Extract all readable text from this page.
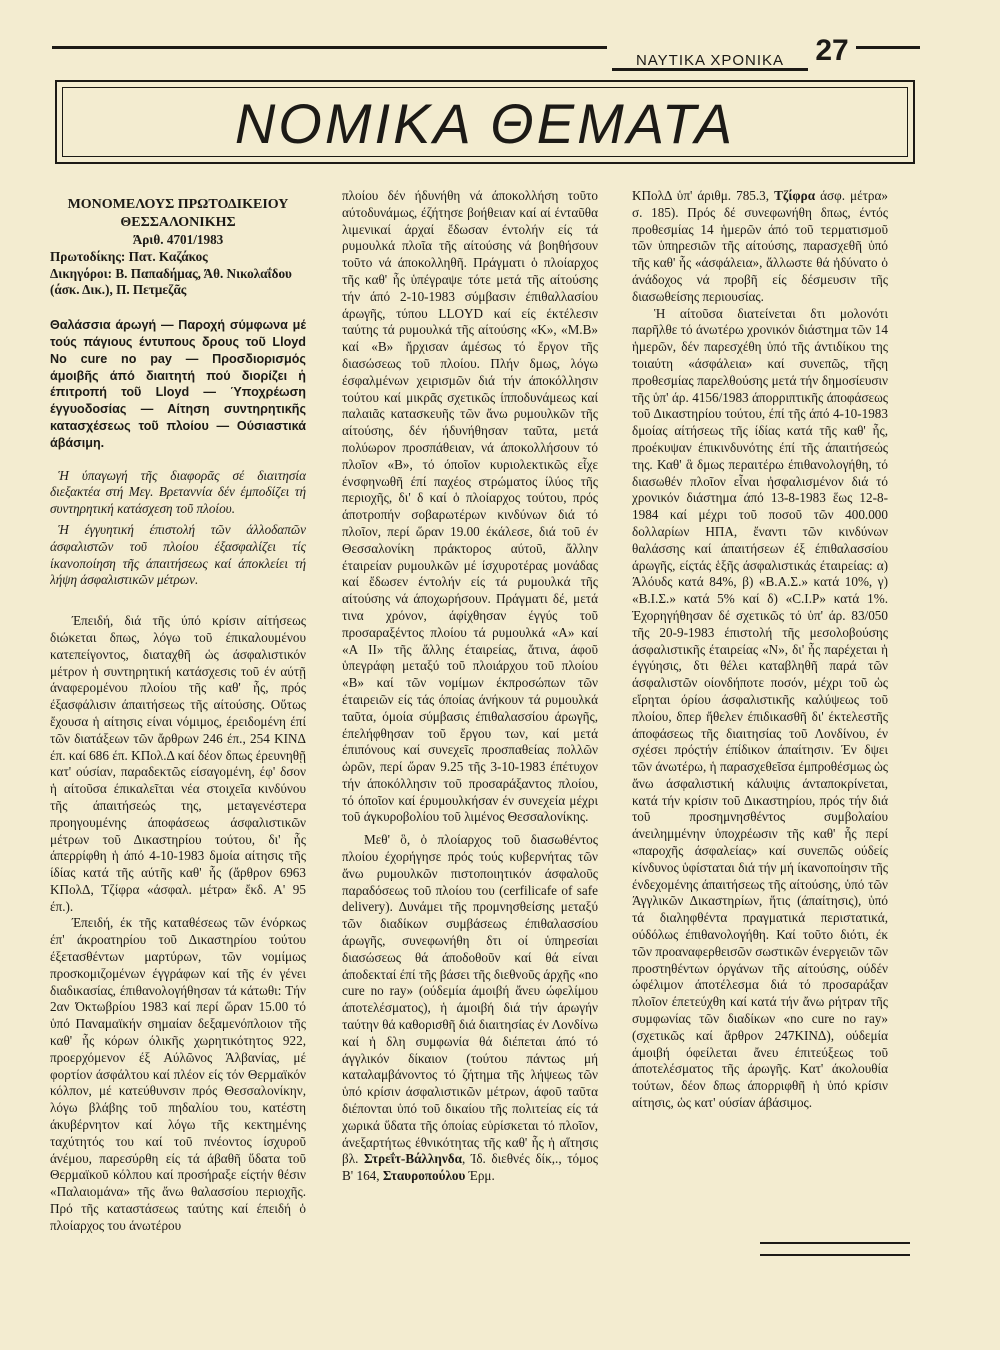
ΝΑΥΤΙΚΑ ΧΡΟΝΙΚΑ	27
ΝΟΜΙΚΑ ΘΕΜΑΤΑ

ΜΟΝΟΜΕΛΟΥΣ ΠΡΩΤΟΔΙΚΕΙΟΥ

ΘΕΣΣΑΛΟΝΙΚΗΣ

Άριθ. 4701/1983

Πρωτοδίκης: Πατ. Καζάκος

Δικηγόροι: Β. Παπαδήμας, Άθ. Νικολαΐδου (άσκ. Δικ.), Π. Πετμεζᾶς

Θαλάσσια άρωγή — Παροχή σύμφωνα μέ τούς πάγιους έντυπους δρους τοῦ Lloyd No cure no pay — Προσδιορισμός άμοιβῆς άπό διαιτητή πού διορίζει ἡ έπιτροπή τοῦ Lloyd — Ύποχρέωση έγγυοδοσίας — Αίτηση συντηρητικῆς κατασχέσεως τοῦ πλοίου — Ούσιαστικά άβάσιμη.

Ἡ ύπαγωγή τῆς διαφορᾶς σέ διαιτησία διεξακτέα στή Μεγ. Βρεταννία δέν έμποδίζει τή συντηρητική κατάσχεση τοῦ πλοίου.

Ἡ έγγυητική έπιστολή τῶν άλλοδαπῶν άσφαλιστῶν τοῦ πλοίου έξασφαλίζει τίς ίκανοποίηση τῆς άπαιτήσεως καί άποκλείει τή λήψη άσφαλιστικῶν μέτρων.

Έπειδή, διά τῆς ύπό κρίσιν αίτήσεως διώκεται δπως, λόγω τοῦ έπικαλουμένου κατεπείγοντος, διαταχθῆ ὡς άσφαλιστικόν μέτρον ἡ συντηρητική κατάσχεσις τοῦ έν αύτῇ άναφερομένου πλοίου τῆς καθ' ἧς, πρός έξασφάλισιν άπαιτήσεως τῆς αίτούσης. Οὕτως ἔχουσα ἡ αίτησις είναι νόμιμος, έρειδομένη έπί τῶν διατάξεων τῶν ἄρθρων 246 έπ., 254 ΚΙΝΔ έπ. καί 686 έπ. ΚΠολ.Δ καί δέον δπως έρευνηθῇ κατ' ούσίαν, παραδεκτῶς είσαγομένη, έφ' δσον ἡ αίτοῦσα έπικαλεῖται νέα στοιχεῖα κινδύνου τῆς άπαιτήσεώς της, μεταγενέστερα προηγουμένης άποφάσεως άσφαλιστικῶν μέτρων τοῦ Δικαστηρίου τούτου, δι' ἧς άπερρίφθη ἡ άπό 4-10-1983 δμοία αίτησις τῆς ίδίας κατά τῆς αύτῆς καθ' ἧς (ἄρθρον 6963 ΚΠολΔ, Τζίφρα «άσφαλ. μέτρα» ἔκδ. Α' 95 έπ.).

Έπειδή, έκ τῆς καταθέσεως τῶν ένόρκως έπ' άκροατηρίου τοῦ Δικαστηρίου τούτου έξετασθέντων μαρτύρων, τῶν νομίμως προσκομιζομένων έγγράφων καί τῆς έν γένει διαδικασίας, έπιθανολογήθησαν τά κάτωθι: Τήν 2αν Όκτωβρίου 1983 καί περί ὥραν 15.00 τό ὑπό Παναμαϊκήν σημαίαν δεξαμενόπλοιον τῆς καθ' ἧς κόρων όλικῆς χωρητικότητος 922, προερχόμενον έξ Αύλῶνος Άλβανίας, μέ φορτίον άσφάλτου καί πλέον είς τόν Θερμαϊκόν κόλπον, μέ κατεύθυνσιν πρός Θεσσαλονίκην, λόγω βλάβης τοῦ πηδαλίου του, κατέστη άκυβέρνητον καί λόγω τῆς κεκτημένης ταχύτητός του καί τοῦ πνέοντος ίσχυροῦ άνέμου, παρεσύρθη είς τά άβαθῆ ὕδατα τοῦ Θερμαϊκοῦ κόλπου καί προσήραξε είςτήν θέσιν «Παλαιομάνα» τῆς ἄνω θαλασσίου περιοχῆς. Πρό τῆς καταστάσεως ταύτης καί έπειδή ὁ πλοίαρχος του άνωτέρου

πλοίου δέν ήδυνήθη νά άποκολλήση τοῦτο αύτοδυνάμως, έζήτησε βοήθειαν καί αί ένταῦθα λιμενικαί άρχαί ἔδωσαν έντολήν είς τά ρυμουλκά πλοῖα τῆς αίτούσης νά βοηθήσουν τοῦτο νά άποκολληθῆ. Πράγματι ὁ πλοίαρχος τῆς καθ' ἧς ὑπέγραψε τότε μετά τῆς αίτούσης τήν άπό 2-10-1983 σύμβασιν έπιθαλλασίου άρωγῆς, τύπου LLOYD καί είς έκτέλεσιν ταύτης τά ρυμουλκά τῆς αίτούσης «Κ», «Μ.Β» καί «Β» ἤρχισαν άμέσως τό ἔργον τῆς διασώσεως τοῦ πλοίου. Πλήν δμως, λόγω έσφαλμένων χειρισμῶν διά τήν άποκόλλησιν τούτου καί μικρᾶς σχετικῶς ίπποδυνάμεως καί παλαιᾶς κατασκευῆς τῶν ἄνω ρυμουλκῶν τῆς αίτούσης, δέν ήδυνήθησαν ταῦτα, μετά πολύωρον προσπάθειαν, νά άποκολλήσουν τό πλοῖον «Β», τό όποῖον κυριολεκτικῶς εἶχε ένσφηνωθῆ έπί παχέος στρώματος ίλύος τῆς περιοχῆς, δι' δ καί ὁ πλοίαρχος τούτου, πρός άποτροπήν σοβαρωτέρων κινδύνων διά τό πλοῖον, περί ὥραν 19.00 έκάλεσε, διά τοῦ έν Θεσσαλονίκη πράκτορος αύτοῦ, ἄλλην έταιρείαν ρυμουλκῶν μέ ίσχυροτέρας μονάδας καί ἔδωσεν έντολήν είς τά ρυμουλκά τῆς αίτούσης νά άποχωρήσουν. Πράγματι δέ, μετά τινα χρόνον, άφίχθησαν έγγύς τοῦ προσαραξέντος πλοίου τά ρυμουλκά «Α» καί «Α ΙΙ» τῆς ἄλλης έταιρείας, ἅτινα, άφοῦ ὑπεγράφη μεταξύ τοῦ πλοιάρχου τοῦ πλοίου «Β» καί τῶν νομίμων έκπροσώπων τῶν έταιρειῶν είς τάς όποίας άνήκουν τά ρυμουλκά ταῦτα, όμοία σύμβασις έπιθαλασσίου άρωγῆς, έπελήφθησαν τοῦ ἔργου των, καί μετά έπιπόνους καί συνεχεῖς προσπαθείας πολλῶν ὡρῶν, περί ὥραν 9.25 τῆς 3-10-1983 έπέτυχον τήν άποκόλλησιν τοῦ προσαράξαντος πλοίου, τό όποῖον καί έρυμουλκήσαν έν συνεχεία μέχρι τοῦ άγκυροβολίου τοῦ λιμένος Θεσσαλονίκης.

Μεθ' ὃ, ὁ πλοίαρχος τοῦ διασωθέντος πλοίου έχορήγησε πρός τούς κυβερνήτας τῶν ἄνω ρυμουλκῶν πιστοποιητικόν άσφαλοῦς παραδόσεως τοῦ πλοίου του (cerfilicafe of safe delivery). Δυνάμει τῆς προμνησθείσης μεταξύ τῶν διαδίκων συμβάσεως έπιθαλασσίου άρωγῆς, συνεφωνήθη δτι οί ὑπηρεσίαι διασώσεως θά άποδοθοῦν καί θά είναι άποδεκταί έπί τῆς βάσει τῆς διεθνοῦς άρχῆς «no cure no ray» (ούδεμία άμοιβή ἄνευ ώφελίμου άποτελέσματος), ἡ άμοιβή διά τήν άρωγήν ταύτην θά καθορισθῆ διά διαιτησίας έν Λονδίνω καί ἡ δλη συμφωνία θά διέπεται άπό τό άγγλικόν δίκαιον (τούτου πάντως μή καταλαμβάνοντος τό ζήτημα τῆς λήψεως τῶν ὑπό κρίσιν άσφαλιστικῶν μέτρων, άφοῦ ταῦτα διέπονται ὑπό τοῦ δικαίου τῆς πολιτείας είς τά χωρικά ὕδατα τῆς όποίας εὑρίσκεται τό πλοῖον, άνεξαρτήτως έθνικότητας τῆς καθ' ἧς ἡ αἵτησις βλ. Στρεΐτ-Βάλληνδα, Ίδ. διεθνές δίκ,., τόμος Β' 164, Σταυροπούλου Έρμ.

ΚΠολΔ ὑπ' άριθμ. 785.3, Τζίφρα άσφ. μέτρα» σ. 185). Πρός δέ συνεφωνήθη δπως, έντός προθεσμίας 14 ἡμερῶν άπό τοῦ τερματισμοῦ τῶν ὑπηρεσιῶν τῆς αίτούσης, παρασχεθῆ ὑπό τῆς καθ' ἧς «άσφάλεια», ἄλλωστε θά ἠδύνατο ὁ άνάδοχος νά προβῆ είς δέσμευσιν τῆς διασωθείσης περιουσίας.

Ἡ αίτοῦσα διατείνεται δτι μολονότι παρῆλθε τό άνωτέρω χρονικόν διάστημα τῶν 14 ἡμερῶν, δέν παρεσχέθη ὑπό τῆς άντιδίκου της τοιαύτη «άσφάλεια» καί συνεπῶς, τῆςη προθεσμίας παρελθούσης μετά τήν δημοσίευσιν τῆς ὑπ' άρ. 4156/1983 άπορριπτικῆς άποφάσεως τοῦ Δικαστηρίου τούτου, έπί τῆς άπό 4-10-1983 δμοίας αίτήσεως τῆς ίδίας κατά τῆς καθ' ἧς, προέκυψαν έπικινδυνότης έπί τῆς άπαιτήσεώς της. Καθ' ἃ δμως περαιτέρω έπιθανολογήθη, τό διασωθέν πλοῖον εἶναι ἠσφαλισμένον διά τό χρονικόν διάστημα άπό 13-8-1983 ἕως 12-8-1984 καί μέχρι τοῦ ποσοῦ τῶν 400.000 δολλαρίων ΗΠΑ, ἔναντι τῶν κινδύνων θαλάσσης καί άπαιτήσεων έξ έπιθαλασσίου άρωγῆς, είςτάς ἑξῆς άσφαλιστικάς έταιρείας: α) Άλόυδς κατά 84%, β) «Β.Α.Σ.» κατά 10%, γ) «Β.Ι.Σ.» κατά 5% καί δ) «C.I.P» κατά 1%. Έχορηγήθησαν δέ σχετικῶς τό ὑπ' άρ. 83/050 τῆς 20-9-1983 έπιστολή τῆς μεσολοβούσης άσφαλιστικῆς έταιρείας «Ν», δι' ἧς παρέχεται ἡ έγγύησις, δτι θέλει καταβληθῆ παρά τῶν άσφαλιστῶν οίονδήποτε ποσόν, μέχρι τοῦ ὡς εἴρηται όρίου άσφαλιστικῆς καλύψεως τοῦ πλοίου, δπερ ἤθελεν έπιδικασθῆ δι' έκτελεστῆς άποφάσεως τῆς διαιτησίας τοῦ Λονδίνου, έν σχέσει πρόςτήν έπίδικον άπαίτησιν. Έν δψει τῶν άνωτέρω, ἡ παρασχεθεῖσα έμπροθέσμως ὡς ἄνω άσφαλιστική κάλυψις άνταποκρίνεται, κατά τήν κρίσιν τοῦ Δικαστηρίου, πρός τήν διά τοῦ προσημνησθέντος συμβολαίου άνειλημμένην ὑποχρέωσιν τῆς καθ' ἧς περί «παροχῆς άσφαλείας» καί συνεπῶς ούδείς κίνδυνος ὑφίσταται διά τήν μή ίκανοποίησιν τῆς ένδεχομένης άπαιτήσεως τῆς αίτούσης, ὑπό τῶν Άγγλικῶν Δικαστηρίων, ἥτις (άπαίτησις), ὑπό τά διαληφθέντα πραγματικά περιστατικά, ούδόλως έπιθανολογήθη. Καί τοῦτο διότι, έκ τῶν προαναφερθεισῶν σωστικῶν ένεργειῶν τῶν προστηθέντων όργάνων τῆς αίτούσης, ούδέν ώφέλιμον άποτέλεσμα διά τό προσαράξαν πλοῖον έπετεύχθη καί κατά τήν ἄνω ρήτραν τῆς συμφωνίας τῶν διαδίκων «no cure no ray» (σχετικῶς καί ἄρθρον 247ΚΙΝΔ), ούδεμία άμοιβή όφείλεται ἄνευ έπιτεύξεως τοῦ άποτελέσματος τῆς άρωγῆς. Κατ' άκολουθία τούτων, δέον δπως άπορριφθῆ ἡ ὑπό κρίσιν αίτησις, ὡς κατ' ούσίαν άβάσιμος.
